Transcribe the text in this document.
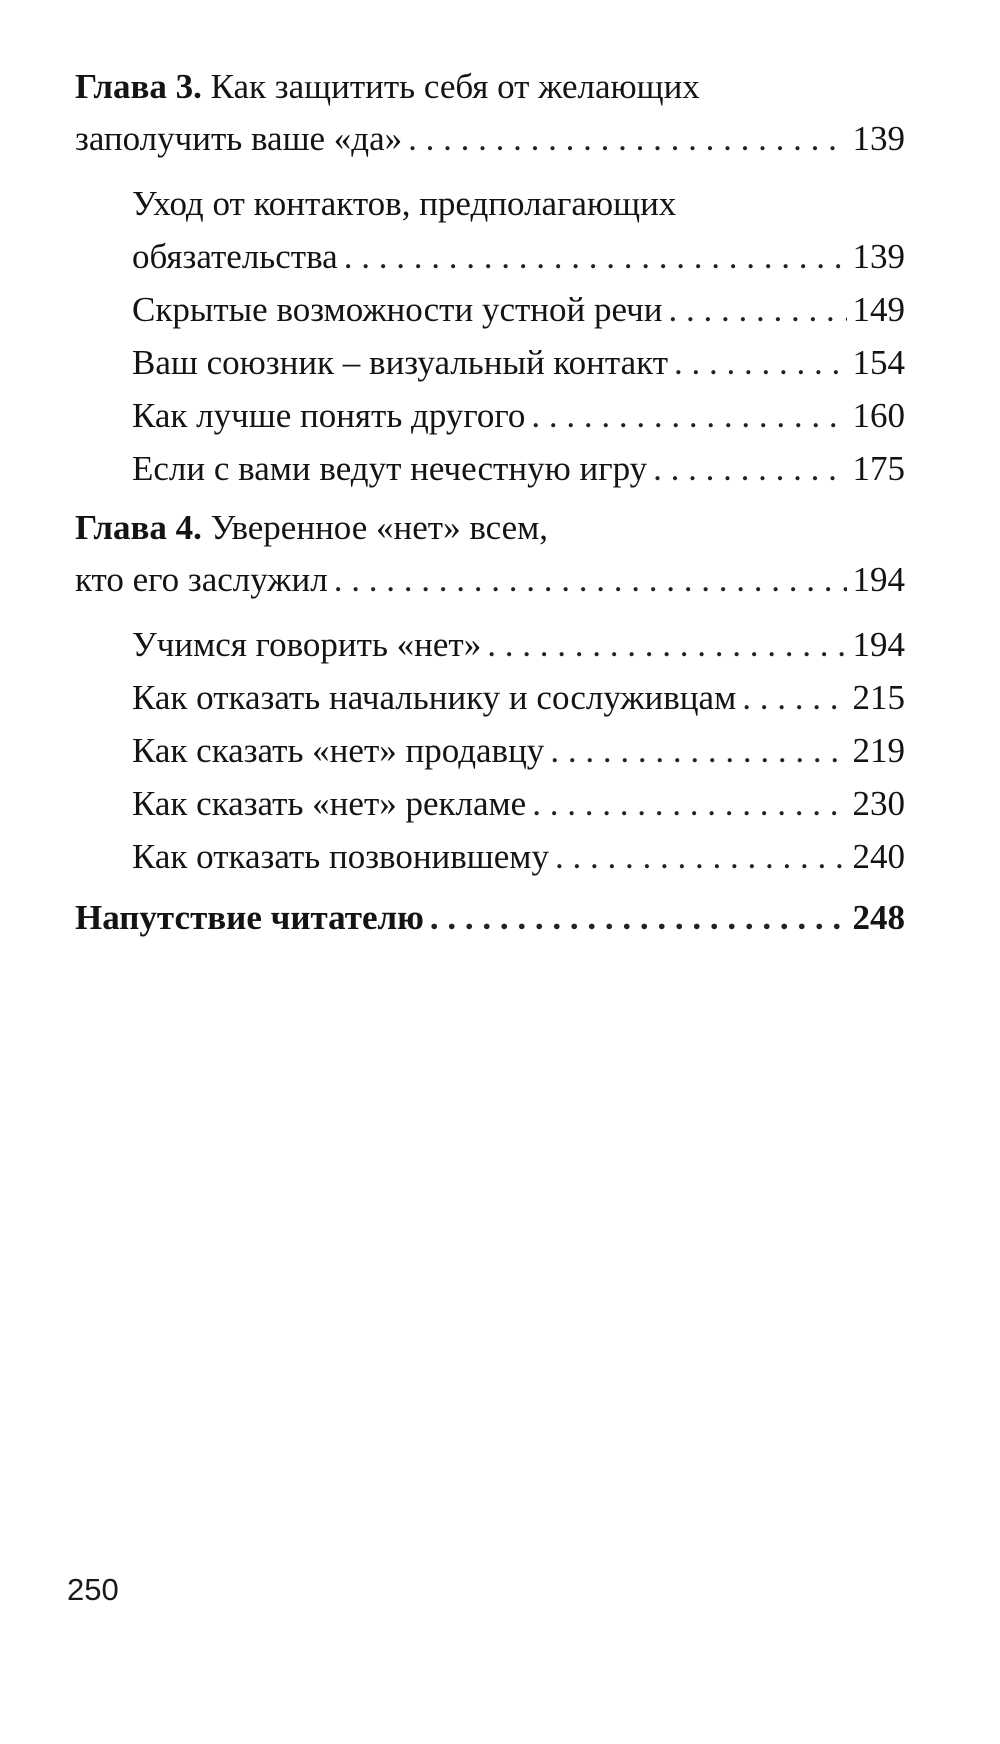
Глава 3. Как защитить себя от желающих
заполучить ваше «да» . . .	139
Уход от контактов, предполагающих
обязательства . . .	139
Скрытые возможности устной речи . . .	149
Ваш союзник – визуальный контакт . . .	154
Как лучше понять другого . . .	160
Если с вами ведут нечестную игру . . .	175
Глава 4. Уверенное «нет» всем,
кто его заслужил . . .	194
Учимся говорить «нет» . . .	194
Как отказать начальнику и сослуживцам . . .	215
Как сказать «нет» продавцу . . .	219
Как сказать «нет» рекламе . . .	230
Как отказать позвонившему . . .	240
Напутствие читателю . . .	248
250
